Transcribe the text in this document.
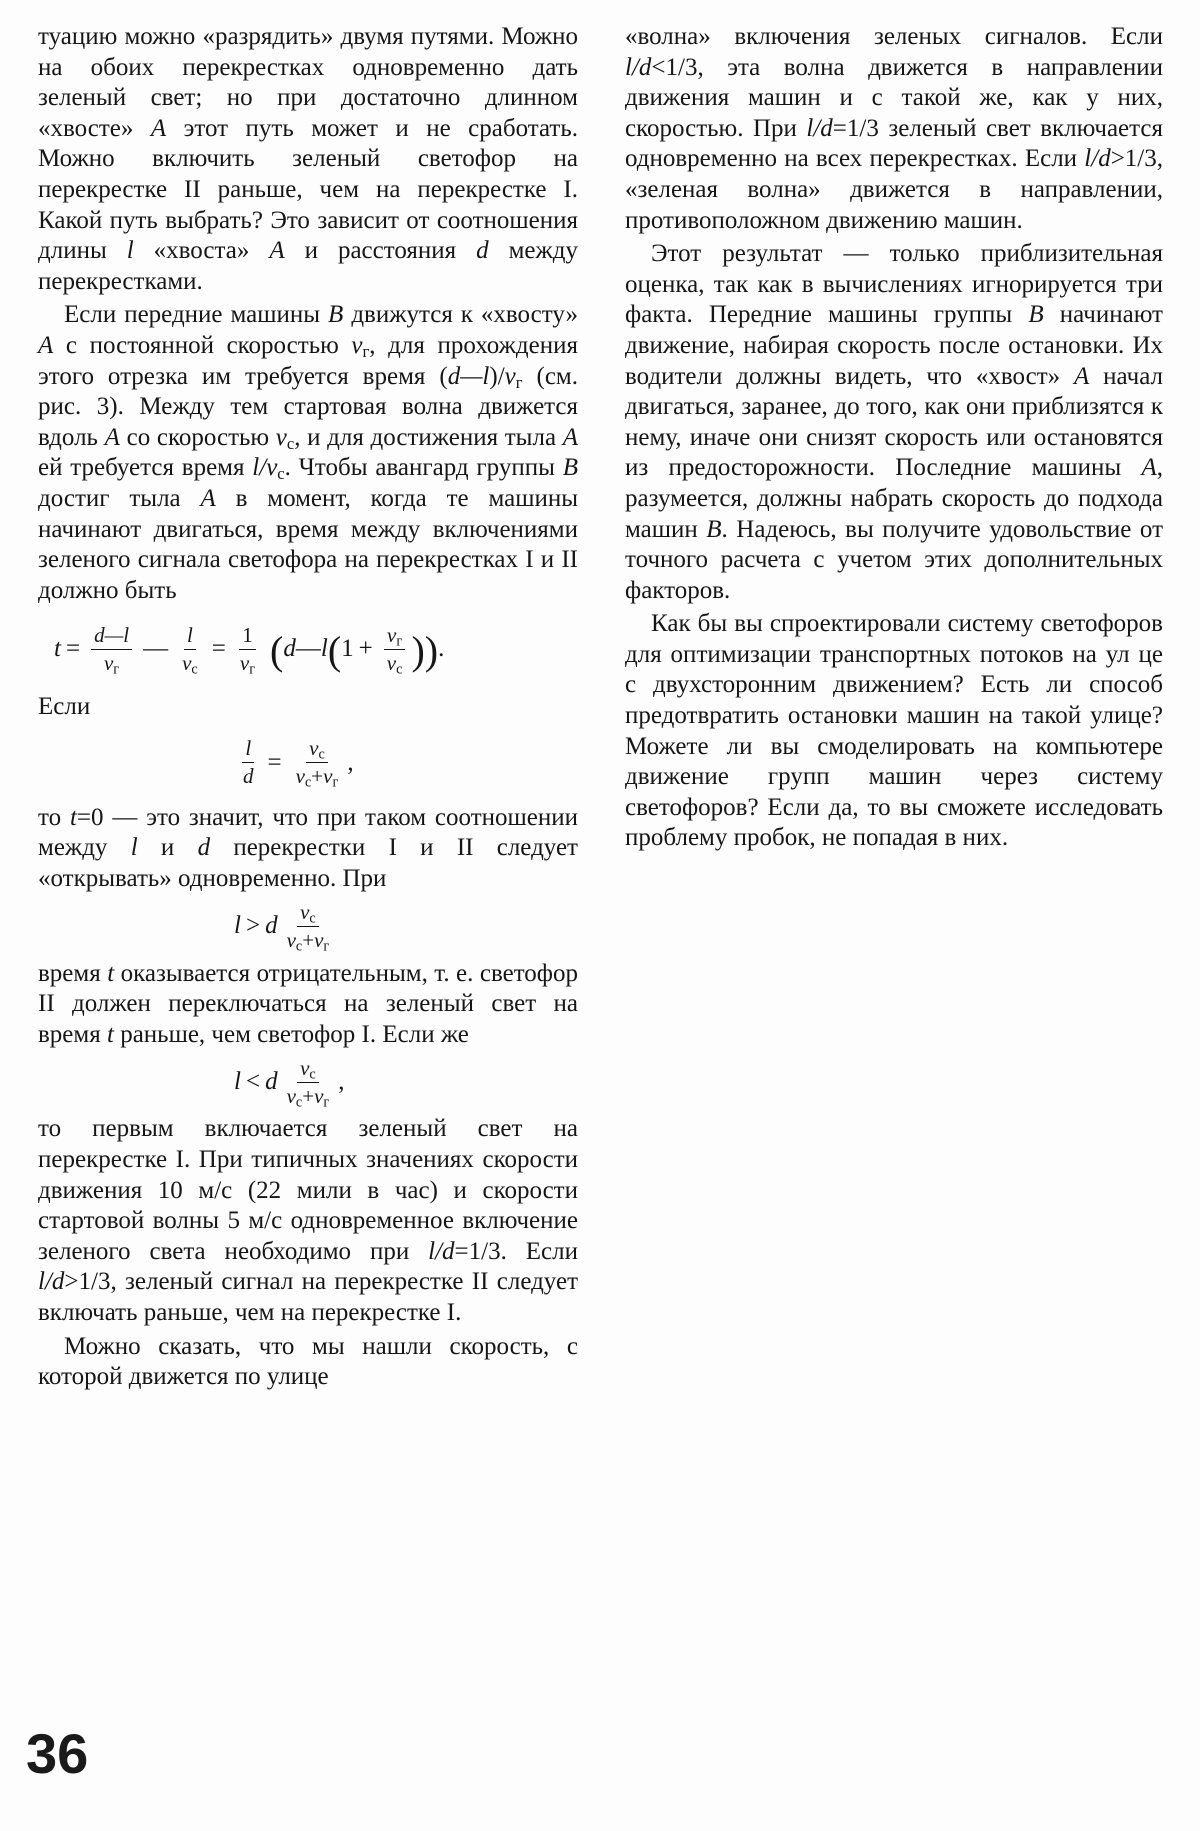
туацию можно «разрядить» двумя путями. Можно на обоих перекрестках одновременно дать зеленый свет; но при достаточно длинном «хвосте» A этот путь может и не сработать. Можно включить зеленый светофор на перекрестке II раньше, чем на перекрестке I. Какой путь выбрать? Это зависит от соотношения длины l «хвоста» A и расстояния d между перекрестками.

Если передние машины B движутся к «хвосту» A с постоянной скоростью $v_г$, для прохождения этого отрезка им требуется время $(d—l)/v_г$ (см. рис. 3). Между тем стартовая волна движется вдоль A со скоростью $v_c$, и для достижения тыла A ей требуется время $l/v_c$. Чтобы авангард группы B достиг тыла A в момент, когда те машины начинают двигаться, время между включениями зеленого сигнала светофора на перекрестках I и II должно быть

$t = \frac{d—l}{v_г}$ — $\frac{l}{v_c} = \frac{1}{v_г}$ ( d — l ( $1 + \frac{v_г}{v_c}$ )) .

Если

$\frac{l}{d} = \frac{v_c}{v_c+v_г}$ ,

то t=0 — это значит, что при таком соотношении между l и d перекрестки I и II следует «открывать» одновременно. При

l > d $\frac{v_c}{v_c+v_г}$

время t оказывается отрицательным, т. е. светофор II должен переключаться на зеленый свет на время t раньше, чем светофор I. Если же

l < d $\frac{v_c}{v_c+v_г}$ ,

то первым включается зеленый свет на перекрестке I. При типичных значениях скорости движения 10 м/с (22 мили в час) и скорости стартовой волны 5 м/с одновременное включение зеленого света необходимо при l/d=1/3. Если l/d>1/3, зеленый сигнал на перекрестке II следует включать раньше, чем на перекрестке I.

Можно сказать, что мы нашли скорость, с которой движется по улице

«волна» включения зеленых сигналов. Если l/d<1/3, эта волна движется в направлении движения машин и с такой же, как у них, скоростью. При l/d=1/3 зеленый свет включается одновременно на всех перекрестках. Если l/d>1/3, «зеленая волна» движется в направлении, противоположном движению машин.

Этот результат — только приблизительная оценка, так как в вычислениях игнорируется три факта. Передние машины группы B начинают движение, набирая скорость после остановки. Их водители должны видеть, что «хвост» A начал двигаться, заранее, до того, как они приблизятся к нему, иначе они снизят скорость или остановятся из предосторожности. Последние машины A, разумеется, должны набрать скорость до подхода машин B. Надеюсь, вы получите удовольствие от точного расчета с учетом этих дополнительных факторов.

Как бы вы спроектировали систему светофоров для оптимизации транспортных потоков на ул це с двухсторонним движением? Есть ли способ предотвратить остановки машин на такой улице? Можете ли вы смоделировать на компьютере движение групп машин через систему светофоров? Если да, то вы сможете исследовать проблему пробок, не попадая в них.

36
